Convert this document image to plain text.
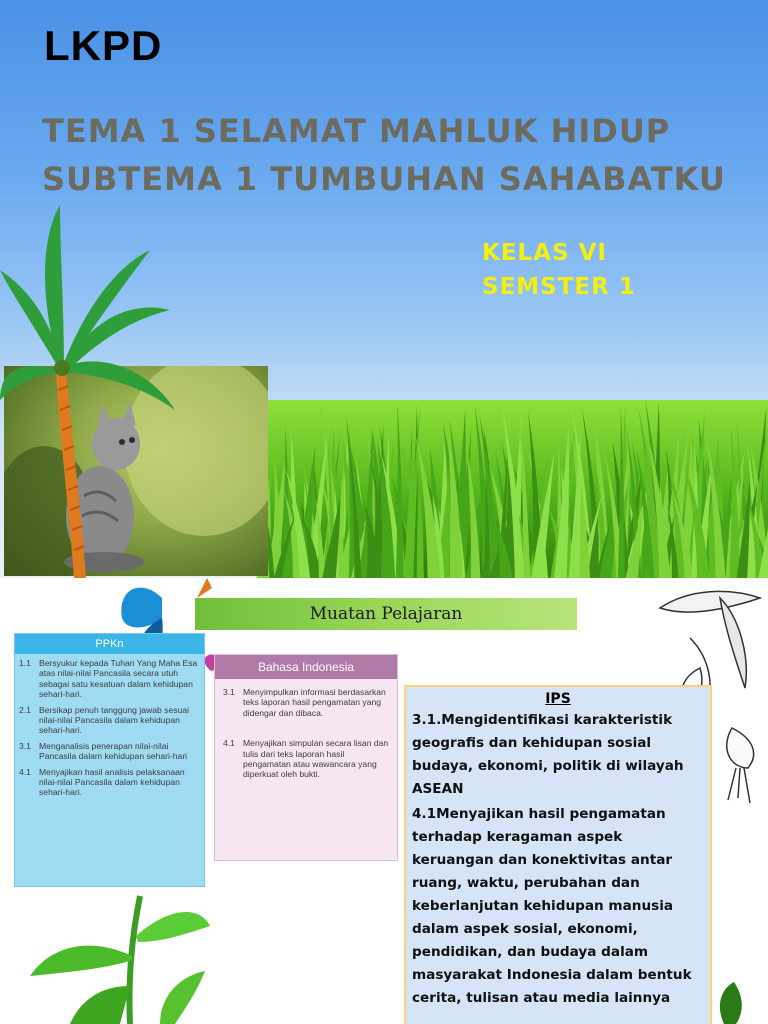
LKPD
TEMA 1 SELAMAT MAHLUK HIDUP
SUBTEMA 1 TUMBUHAN SAHABATKU
KELAS VI
SEMSTER 1
Muatan Pelajaran
PPKn
1.1 Bersyukur kepada Tuhan Yang Maha Esa atas nilai-nilai Pancasila secara utuh sebagai satu kesatuan dalam kehidupan sehari-hari.
2.1 Bersikap penuh tanggung jawab sesuai nilai-nilai Pancasila dalam kehidupan sehari-hari.
3.1 Menganalisis penerapan nilai-nilai Pancasila dalam kehidupan sehari-hari
4.1 Menyajikan hasil analisis pelaksanaan nilai-nilai Pancasila dalam kehidupan sehari-hari.
Bahasa Indonesia
3.1 Menyimpulkan informasi berdasarkan teks laporan hasil pengamatan yang didengar dan dibaca.
4.1 Menyajikan simpulan secara lisan dan tulis dari teks laporan hasil pengamatan atau wawancara yang diperkuat oleh bukti.
IPS

3.1.Mengidentifikasi karakteristik geografis dan kehidupan sosial budaya, ekonomi, politik di wilayah ASEAN

4.1Menyajikan hasil pengamatan terhadap keragaman aspek keruangan dan konektivitas antar ruang, waktu, perubahan dan keberlanjutan kehidupan manusia dalam aspek sosial, ekonomi, pendidikan, dan budaya dalam masyarakat Indonesia dalam bentuk cerita, tulisan atau media lainnya
